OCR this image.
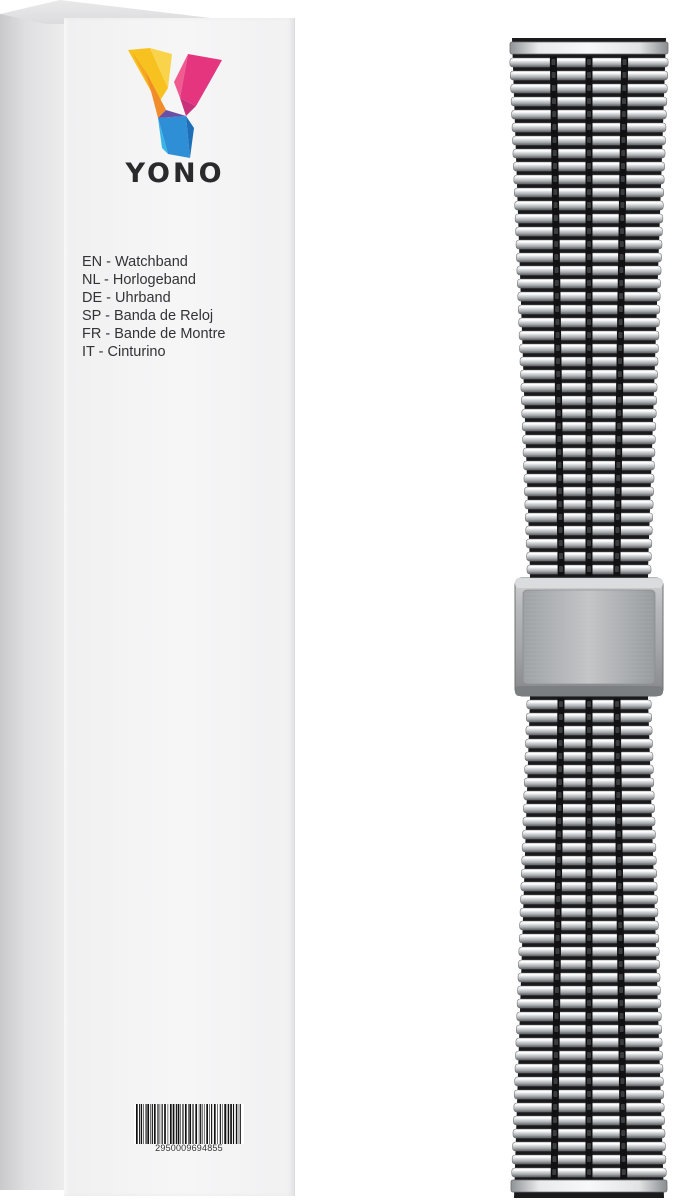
YONO
EN - Watchband
NL - Horlogeband
DE - Uhrband
SP - Banda de Reloj
FR - Bande de Montre
IT - Cinturino
2950009694855
